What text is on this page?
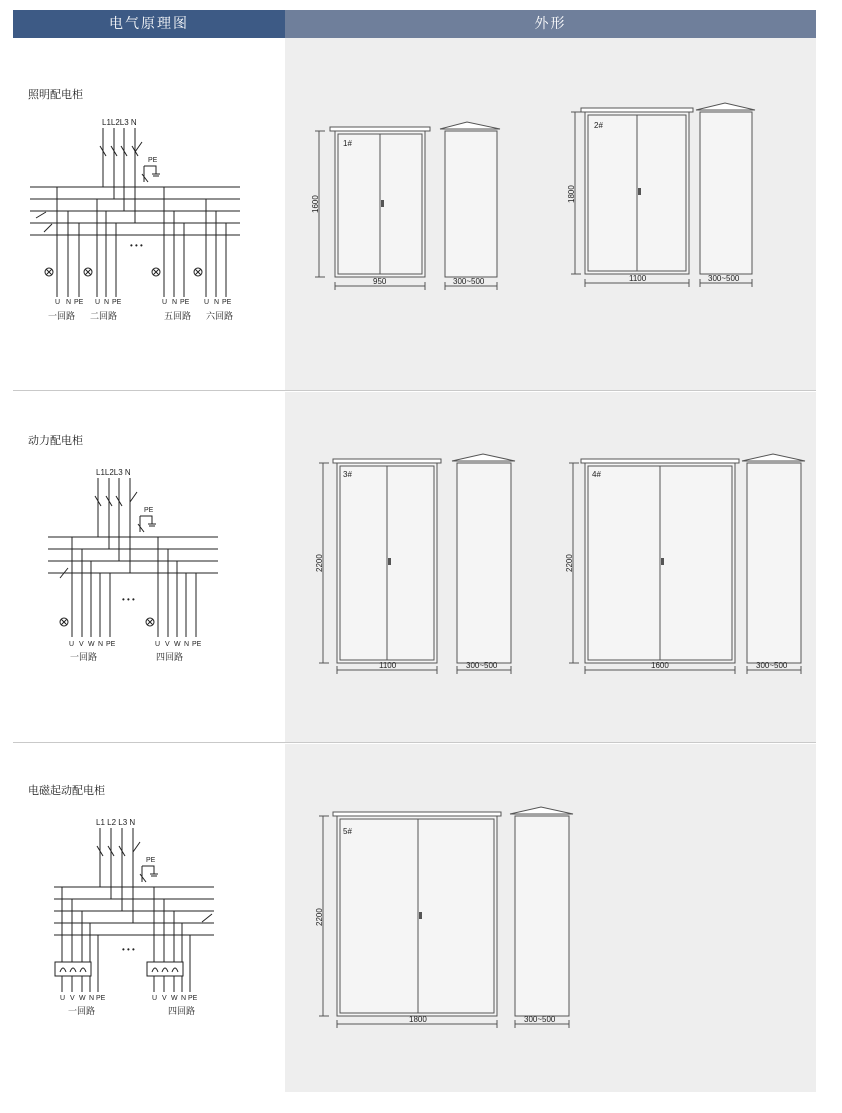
电气原理图	外形
照明配电柜
动力配电柜
电磁起动配电柜
L1L2L3 N
PE
• • •
U N PE U N PE	U N PE U N PE
一回路 二回路	五回路 六回路
L1L2L3 N
PE
• • •
U V W N PE	U V W N PE
一回路	四回路
L1 L2 L3 N
PE
• • •
U V W N PE	U V W N PE
一回路	四回路
1#
1600
950	300~500
2#
1800
1100	300~500
3#
2200
1100	300~500
4#
2200
1600	300~500
5#
2200
1800	300~500
